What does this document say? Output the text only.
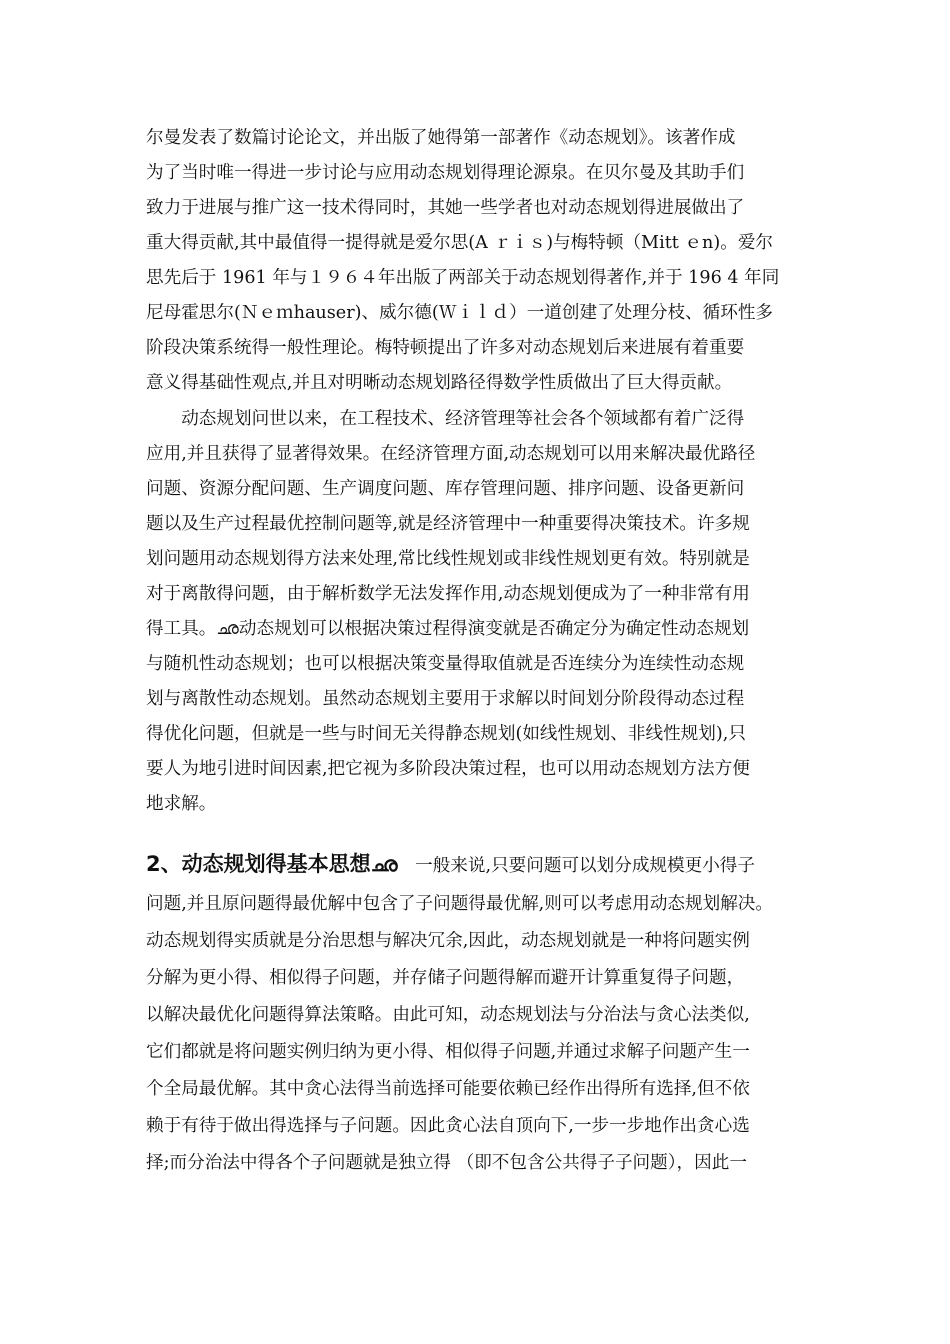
尔曼发表了数篇讨论论文，并出版了她得第一部著作《动态规划》。该著作成
为了当时唯一得进一步讨论与应用动态规划得理论源泉。在贝尔曼及其助手们
致力于进展与推广这一技术得同时，其她一些学者也对动态规划得进展做出了
重大得贡献,其中最值得一提得就是爱尔思(A ｒｉｓ)与梅特顿（Mitt ｅn)。爱尔
思先后于 1961 年与１９６４年出版了两部关于动态规划得著作,并于 196 4 年同
尼母霍思尔(Ｎｅｍhauser)、威尔德(Ｗｉｌｄ）一道创建了处理分枝、循环性多
阶段决策系统得一般性理论。梅特顿提出了许多对动态规划后来进展有着重要
意义得基础性观点,并且对明晰动态规划路径得数学性质做出了巨大得贡献。
　　动态规划问世以来，在工程技术、经济管理等社会各个领域都有着广泛得
应用,并且获得了显著得效果。在经济管理方面,动态规划可以用来解决最优路径
问题、资源分配问题、生产调度问题、库存管理问题、排序问题、设备更新问
题以及生产过程最优控制问题等,就是经济管理中一种重要得决策技术。许多规
划问题用动态规划得方法来处理,常比线性规划或非线性规划更有效。特别就是
对于离散得问题，由于解析数学无法发挥作用,动态规划便成为了一种非常有用
得工具。ഛ动态规划可以根据决策过程得演变就是否确定分为确定性动态规划
与随机性动态规划；也可以根据决策变量得取值就是否连续分为连续性动态规
划与离散性动态规划。虽然动态规划主要用于求解以时间划分阶段得动态过程
得优化问题，但就是一些与时间无关得静态规划(如线性规划、非线性规划),只
要人为地引进时间因素,把它视为多阶段决策过程，也可以用动态规划方法方便
地求解。
2、动态规划得基本思想ഛ　一般来说,只要问题可以划分成规模更小得子
问题,并且原问题得最优解中包含了子问题得最优解,则可以考虑用动态规划解决。
动态规划得实质就是分治思想与解决冗余,因此，动态规划就是一种将问题实例
分解为更小得、相似得子问题，并存储子问题得解而避开计算重复得子问题，
以解决最优化问题得算法策略。由此可知，动态规划法与分治法与贪心法类似,
它们都就是将问题实例归纳为更小得、相似得子问题,并通过求解子问题产生一
个全局最优解。其中贪心法得当前选择可能要依赖已经作出得所有选择,但不依
赖于有待于做出得选择与子问题。因此贪心法自顶向下,一步一步地作出贪心选
择;而分治法中得各个子问题就是独立得 （即不包含公共得子子问题），因此一
